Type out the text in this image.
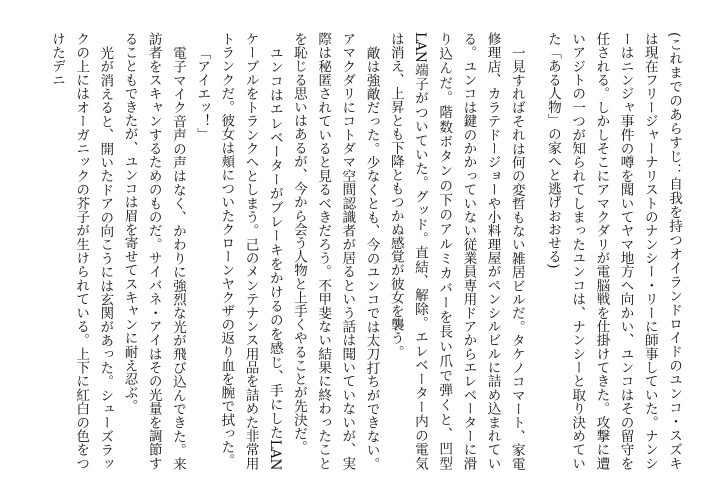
(これまでのあらすじ：自我を持つオイランドロイドのユンコ・スズキは現在フリージャーナリストのナンシー・リーに師事していた。ナンシーはニンジャ事件の噂を聞いてヤマ地方へ向かい、ユンコはその留守を任される。しかしそこにアマクダリが電脳戦を仕掛けてきた。攻撃に遭いアジトの一つが知られてしまったユンコは、ナンシーと取り決めていた「ある人物」の家へと逃げおおせる)

一見すればそれは何の変哲もない雑居ビルだ。タケノコマート、家電修理店、カラテドージョーや小料理屋がペンシルビルに詰め込まれている。ユンコは鍵のかかっていない従業員専用ドアからエレベーターに滑り込んだ。階数ボタンの下のアルミカバーを長い爪で弾くと、凹型LAN端子がついていた。グッド。直結、解除。エレベーター内の電気は消え、上昇とも下降ともつかぬ感覚が彼女を襲う。

敵は強敵だった。少なくとも、今のユンコでは太刀打ちができない。アマクダリにコトダマ空間認識者が居るという話は聞いていないが、実際は秘匿されていると見るべきだろう。不甲斐ない結果に終わったことを恥じる思いはあるが、今から会う人物と上手くやることが先決だ。

ユンコはエレベーターがブレーキをかけるのを感じ、手にしたLANケーブルをトランクへとしまう。己のメンテナンス用品を詰めた非常用トランクだ。彼女は頬についたクローンヤクザの返り血を腕で拭った。

「アイエッ！」

電子マイク音声の声はなく、かわりに強烈な光が飛び込んできた。来訪者をスキャンするためのものだ。サイバネ・アイはその光量を調節することもできたが、ユンコは眉を寄せてスキャンに耐え忍ぶ。

光が消えると、開いたドアの向こうには玄関があった。シューズラックの上にはオーガニックの芥子が生けられている。上下に紅白の色をつけたデニ
